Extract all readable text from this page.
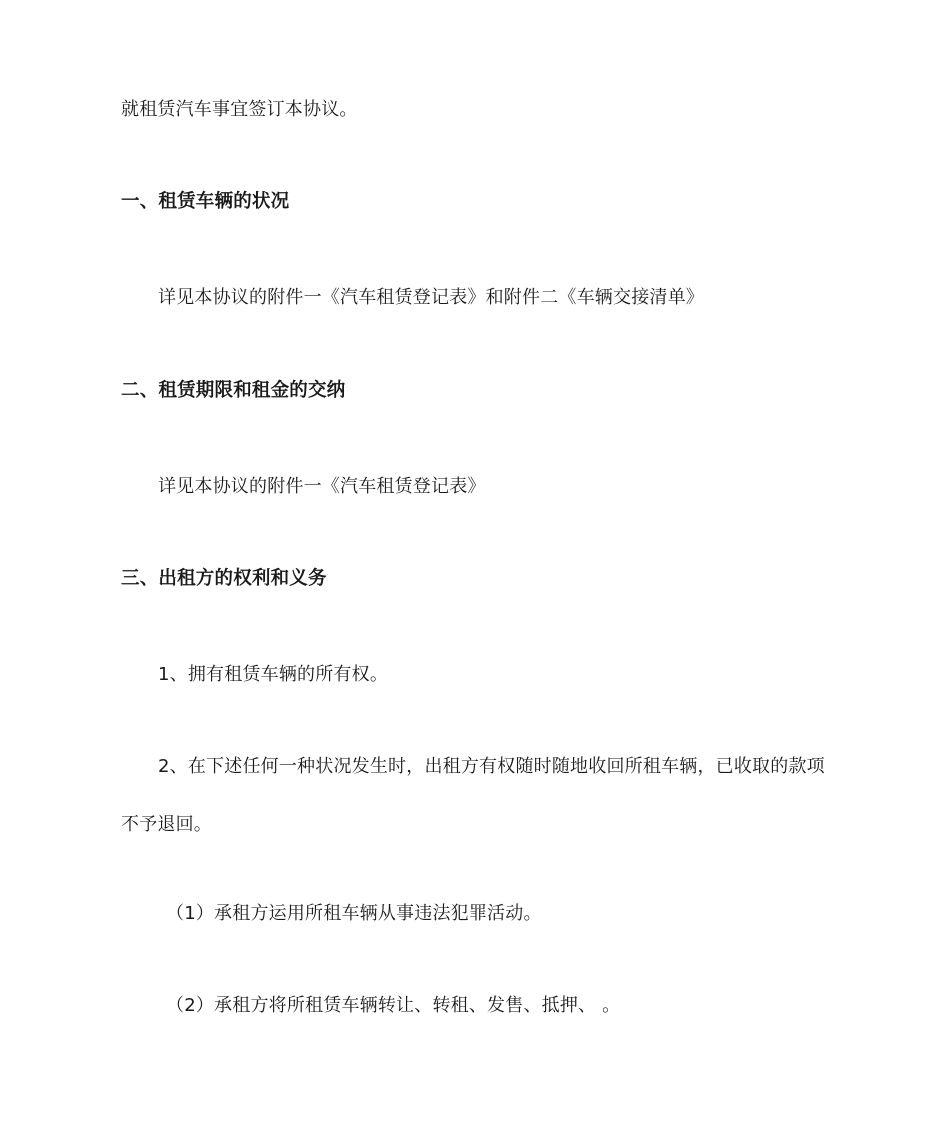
就租赁汽车事宜签订本协议。
一、租赁车辆的状况
详见本协议的附件一《汽车租赁登记表》和附件二《车辆交接清单》
二、租赁期限和租金的交纳
详见本协议的附件一《汽车租赁登记表》
三、出租方的权利和义务
1、拥有租赁车辆的所有权。
2、在下述任何一种状况发生时，出租方有权随时随地收回所租车辆，已收取的款项
不予退回。
（1）承租方运用所租车辆从事违法犯罪活动。
（2）承租方将所租赁车辆转让、转租、发售、抵押、 。
